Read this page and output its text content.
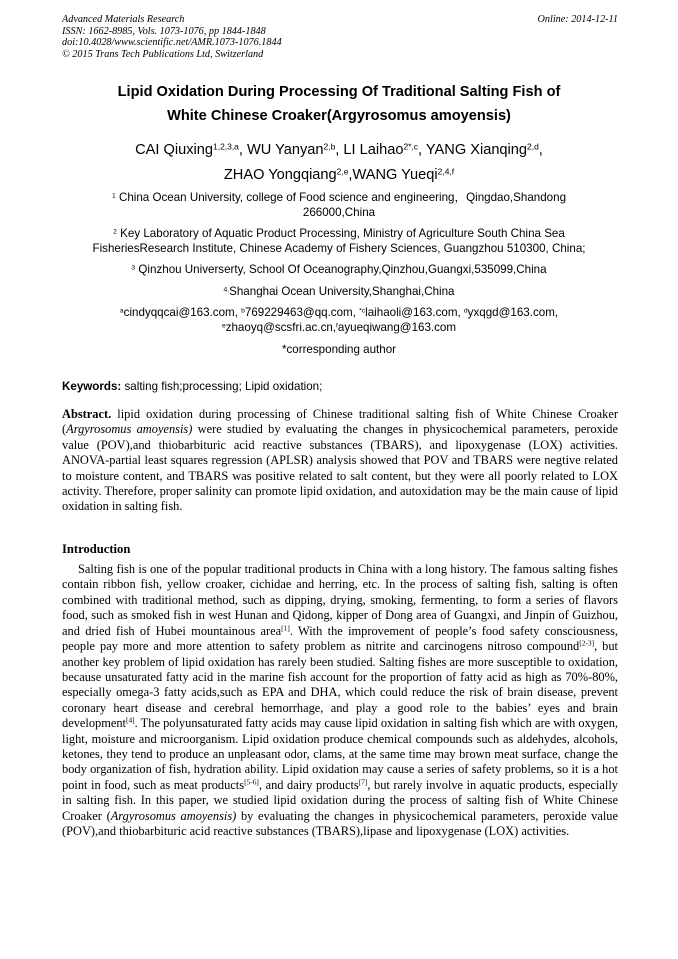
Advanced Materials Research
ISSN: 1662-8985, Vols. 1073-1076, pp 1844-1848
doi:10.4028/www.scientific.net/AMR.1073-1076.1844
© 2015 Trans Tech Publications Ltd, Switzerland
Online: 2014-12-11
Lipid Oxidation During Processing Of Traditional Salting Fish of
White Chinese Croaker(Argyrosomus amoyensis)
CAI Qiuxing$^{1,2,3,a}$, WU Yanyan$^{2,b}$, LI Laihao$^{2*,c}$, YANG Xianqing$^{2,d}$,
ZHAO Yongqiang$^{2,e}$,WANG Yueqi$^{2,4,f}$
$^1$ China Ocean University, college of Food science and engineering，Qingdao,Shandong
266000,China
$^2$ Key Laboratory of Aquatic Product Processing, Ministry of Agriculture South China Sea
FisheriesResearch Institute, Chinese Academy of Fishery Sciences, Guangzhou 510300, China;
$^3$ Qinzhou Universerty, School Of Oceanography,Qinzhou,Guangxi,535099,China
$^{4.}$Shanghai Ocean University,Shanghai,China
$^a$cindyqqcai@163.com, $^b$769229463@qq.com, $^{*c}$laihaoli@163.com, $^d$yxqgd@163.com,
$^e$zhaoyq@scsfri.ac.cn,$^f$ayueqiwang@163.com
*corresponding author
Keywords: salting fish;processing; Lipid oxidation;
Abstract. lipid oxidation during processing of Chinese traditional salting fish of White Chinese Croaker (Argyrosomus amoyensis) were studied by evaluating the changes in physicochemical parameters, peroxide value (POV),and thiobarbituric acid reactive substances (TBARS), and lipoxygenase (LOX) activities. ANOVA-partial least squares regression (APLSR) analysis showed that POV and TBARS were negtive related to moisture content, and TBARS was positive related to salt content, but they were all poorly related to LOX activity. Therefore, proper salinity can promote lipid oxidation, and autoxidation may be the main cause of lipid oxidation in salting fish.
Introduction
Salting fish is one of the popular traditional products in China with a long history. The famous salting fishes contain ribbon fish, yellow croaker, cichidae and herring, etc. In the process of salting fish, salting is often combined with traditional method, such as dipping, drying, smoking, fermenting, to form a series of flavors food, such as smoked fish in west Hunan and Qidong, kipper of Dong area of Guangxi, and Jinpin of Guizhou, and dried fish of Hubei mountainous area[1]. With the improvement of people’s food safety consciousness, people pay more and more attention to safety problem as nitrite and carcinogens nitroso compound[2-3], but another key problem of lipid oxidation has rarely been studied. Salting fishes are more susceptible to oxidation, because unsaturated fatty acid in the marine fish account for the proportion of fatty acid as high as 70%-80%, especially omega-3 fatty acids,such as EPA and DHA, which could reduce the risk of brain disease, prevent coronary heart disease and cerebral hemorrhage, and play a good role to the babies’ eyes and brain development[4]. The polyunsaturated fatty acids may cause lipid oxidation in salting fish which are with oxygen, light, moisture and microorganism. Lipid oxidation produce chemical compounds such as aldehydes, alcohols, ketones, they tend to produce an unpleasant odor, clams, at the same time may brown meat surface, change the body organization of fish, hydration ability. Lipid oxidation may cause a series of safety problems, so it is a hot point in food, such as meat products[5-6], and dairy products[7], but rarely involve in aquatic products, especially in salting fish. In this paper, we studied lipid oxidation during the process of salting fish of White Chinese Croaker (Argyrosomus amoyensis) by evaluating the changes in physicochemical parameters, peroxide value (POV),and thiobarbituric acid reactive substances (TBARS),lipase and lipoxygenase (LOX) activities.
